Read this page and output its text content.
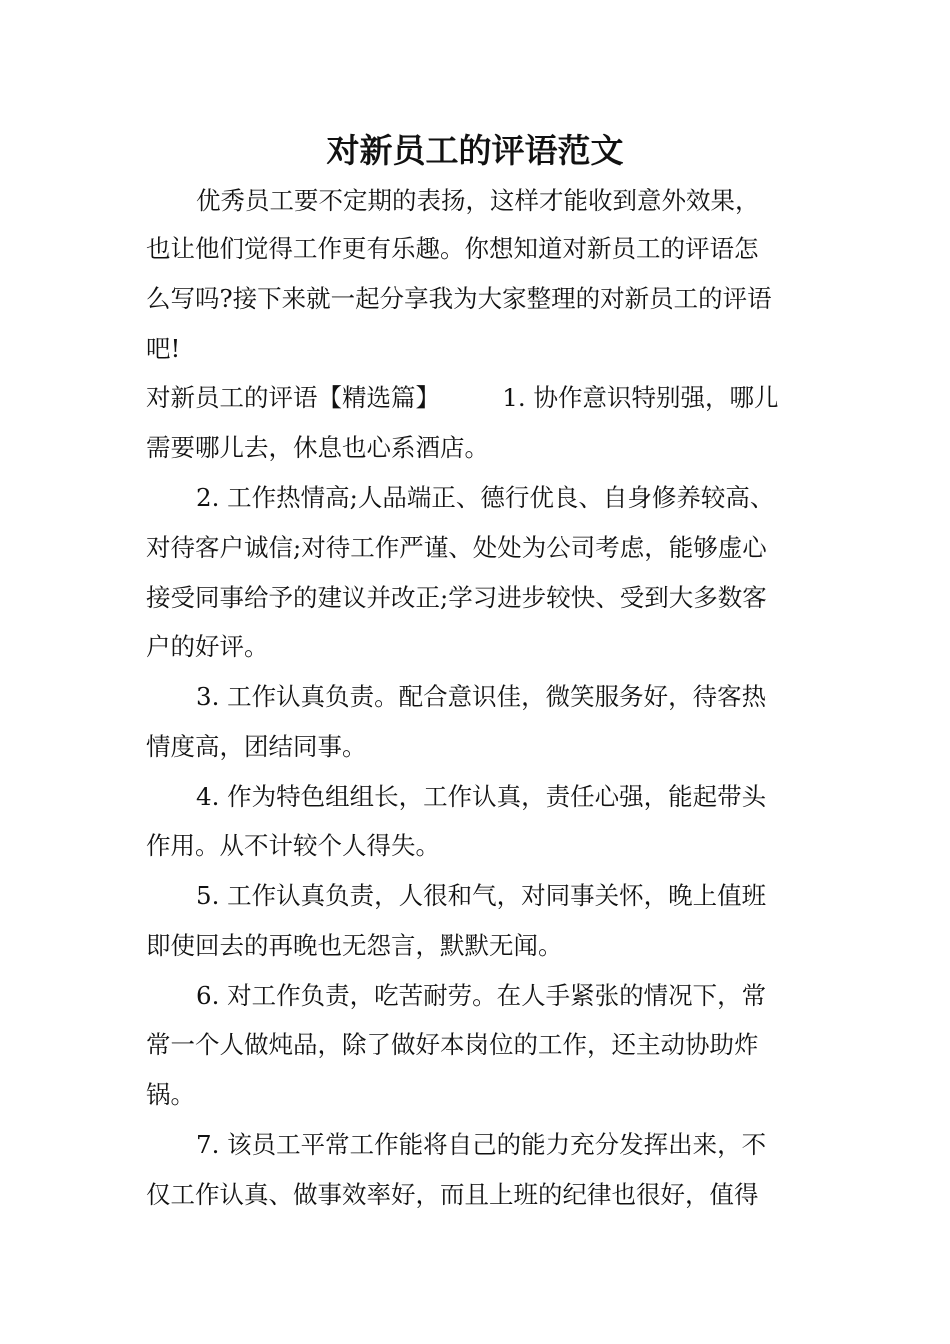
对新员工的评语范文

优秀员工要不定期的表扬，这样才能收到意外效果，

也让他们觉得工作更有乐趣。你想知道对新员工的评语怎

么写吗?接下来就一起分享我为大家整理的对新员工的评语

吧!

对新员工的评语【精选篇】        1. 协作意识特别强，哪儿

需要哪儿去，休息也心系酒店。

2. 工作热情高;人品端正、德行优良、自身修养较高、

对待客户诚信;对待工作严谨、处处为公司考虑，能够虚心

接受同事给予的建议并改正;学习进步较快、受到大多数客

户的好评。

3. 工作认真负责。配合意识佳，微笑服务好，待客热

情度高，团结同事。

4. 作为特色组组长，工作认真，责任心强，能起带头

作用。从不计较个人得失。

5. 工作认真负责，人很和气，对同事关怀，晚上值班

即使回去的再晚也无怨言，默默无闻。

6. 对工作负责，吃苦耐劳。在人手紧张的情况下，常

常一个人做炖品，除了做好本岗位的工作，还主动协助炸

锅。

7. 该员工平常工作能将自己的能力充分发挥出来，不

仅工作认真、做事效率好，而且上班的纪律也很好，值得
